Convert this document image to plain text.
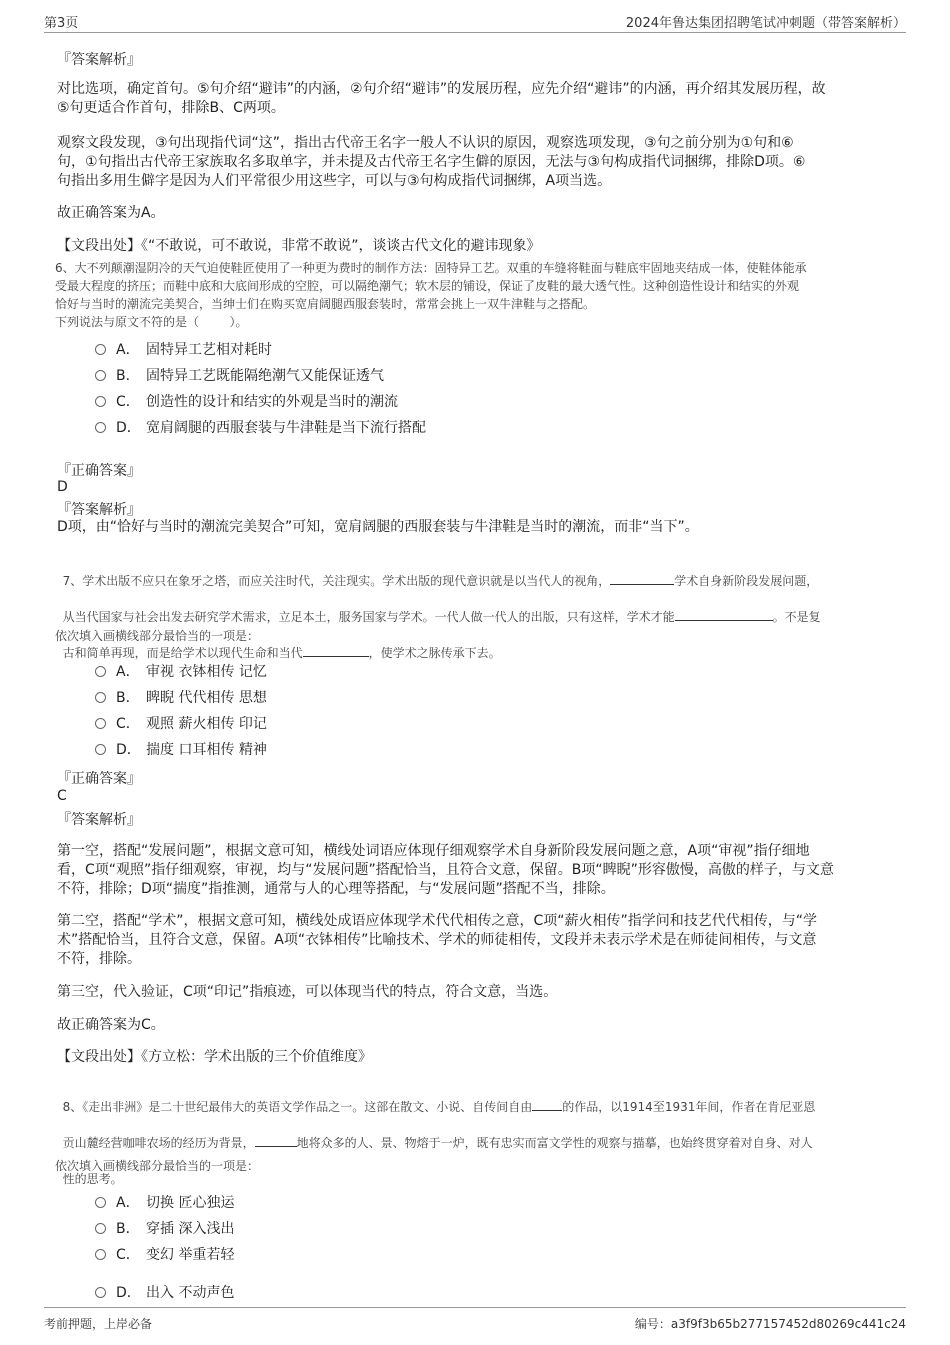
第3页	2024年鲁达集团招聘笔试冲刺题（带答案解析）
『答案解析』
对比选项，确定首句。⑤句介绍“避讳”的内涵，②句介绍“避讳”的发展历程，应先介绍“避讳”的内涵，再介绍其发展历程，故
⑤句更适合作首句，排除B、C两项。
观察文段发现，③句出现指代词“这”，指出古代帝王名字一般人不认识的原因，观察选项发现，③句之前分别为①句和⑥
句，①句指出古代帝王家族取名多取单字，并未提及古代帝王名字生僻的原因，无法与③句构成指代词捆绑，排除D项。⑥
句指出多用生僻字是因为人们平常很少用这些字，可以与③句构成指代词捆绑，A项当选。
故正确答案为A。
【文段出处】《“不敢说，可不敢说，非常不敢说”，谈谈古代文化的避讳现象》
6、大不列颠潮湿阴冷的天气迫使鞋匠使用了一种更为费时的制作方法：固特异工艺。双重的车缝将鞋面与鞋底牢固地夹结成一体，使鞋体能承
受最大程度的挤压；而鞋中底和大底间形成的空腔，可以隔绝潮气；软木层的铺设，保证了皮鞋的最大透气性。这种创造性设计和结实的外观
恰好与当时的潮流完美契合，当绅士们在购买宽肩阔腿西服套装时，常常会挑上一双牛津鞋与之搭配。
下列说法与原文不符的是（        ）。
A． 固特异工艺相对耗时
B． 固特异工艺既能隔绝潮气又能保证透气
C． 创造性的设计和结实的外观是当时的潮流
D． 宽肩阔腿的西服套装与牛津鞋是当下流行搭配
『正确答案』
D
『答案解析』
D项，由“恰好与当时的潮流完美契合”可知，宽肩阔腿的西服套装与牛津鞋是当时的潮流，而非“当下”。

7、学术出版不应只在象牙之塔，而应关注时代，关注现实。学术出版的现代意识就是以当代人的视角，	学术自身新阶段发展问题，

从当代国家与社会出发去研究学术需求，立足本土，服务国家与学术。一代人做一代人的出版，只有这样，学术才能	。不是复

古和简单再现，而是给学术以现代生命和当代	，使学术之脉传承下去。

依次填入画横线部分最恰当的一项是：
A． 审视 衣钵相传 记忆
B． 睥睨 代代相传 思想
C． 观照 薪火相传 印记
D． 揣度 口耳相传 精神
『正确答案』
C
『答案解析』
第一空，搭配“发展问题”，根据文意可知，横线处词语应体现仔细观察学术自身新阶段发展问题之意，A项“审视”指仔细地
看，C项“观照”指仔细观察，审视，均与“发展问题”搭配恰当，且符合文意，保留。B项“睥睨”形容傲慢，高傲的样子，与文意
不符，排除；D项“揣度”指推测，通常与人的心理等搭配，与“发展问题”搭配不当，排除。
第二空，搭配“学术”，根据文意可知，横线处成语应体现学术代代相传之意，C项“薪火相传”指学问和技艺代代相传，与“学
术”搭配恰当，且符合文意，保留。A项“衣钵相传”比喻技术、学术的师徒相传，文段并未表示学术是在师徒间相传，与文意
不符，排除。
第三空，代入验证，C项“印记”指痕迹，可以体现当代的特点，符合文意，当选。
故正确答案为C。
【文段出处】《方立松：学术出版的三个价值维度》

8、《走出非洲》是二十世纪最伟大的英语文学作品之一。这部在散文、小说、自传间自由	的作品，以1914至1931年间，作者在肯尼亚恩

贡山麓经营咖啡农场的经历为背景，	地将众多的人、景、物熔于一炉，既有忠实而富文学性的观察与描摹，也始终贯穿着对自身、对人

性的思考。

依次填入画横线部分最恰当的一项是：
A． 切换 匠心独运
B． 穿插 深入浅出
C． 变幻 举重若轻
D． 出入 不动声色
考前押题，上岸必备	编号：a3f9f3b65b277157452d80269c441c24
